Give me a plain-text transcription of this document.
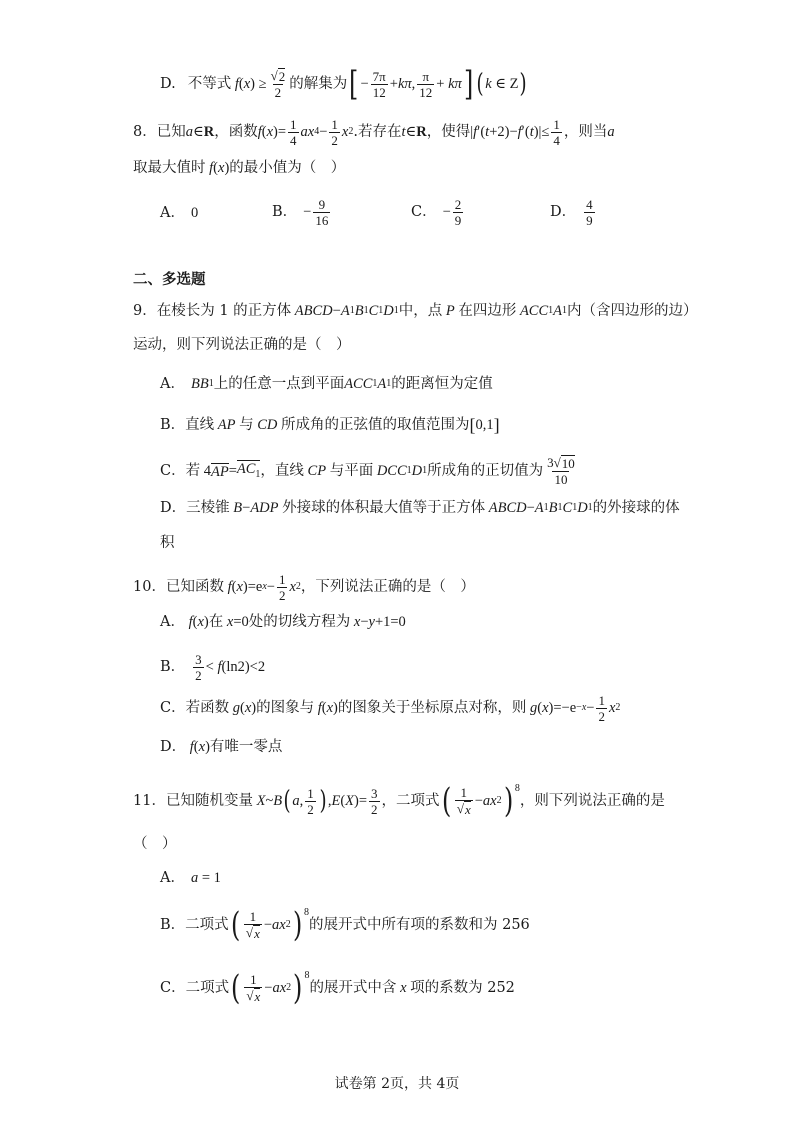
D. 不等式 f ( x ) ≥ $\frac{√ 2}{2}$ 的解集为 [ − $\frac{7\pi}{12} + k\pi$ , $\frac{\pi}{12} + k\pi$ ] ( k ∈ Z )
8． 已知 a ∈ R ，函数 f ( x ) = $\frac{1}{4}$ ax $4 - \frac{1}{2}$ x 2 .若存在 t ∈ R ，使得 | f ′( t +2)− f ′( t )|≤ $\frac{1}{4}$ ，则当 a
取最大值时 f ( x ) 的最小值为（　）
A． 0	B． − $\frac{9}{16}$	C． − $\frac{2}{9}$	D． $\frac{4}{9}$
二、多选题
9．在棱长为 1 的正方体 ABCD − A 1 B 1 C 1 D 1 中，点 P 在四边形 ACC 1 A 1 内（含四边形的边）
运动，则下列说法正确的是（　）
A． BB 1 上的任意一点到平面 ACC 1 A 1 的距离恒为定值
B．直线 AP 与 CD 所成角的正弦值的取值范围为 [ 0,1 ]
C．若 4 AP = $AC_1$ ，直线 CP 与平面 DCC 1 D 1 所成角的正切值为 $\frac{3 √ 10}{10}$
D．三棱锥 B − ADP 外接球的体积最大值等于正方体 ABCD − A 1 B 1 C 1 D 1 的外接球的体
积
10．已知函数 f ( x )=e $x - \frac{1}{2}$ x 2 ，下列说法正确的是（　）
A． f ( x ) 在 x =0 处的切线方程为 x − y +1=0
B． $\frac{3}{2} < f$ (ln2)<2
C．若函数 g ( x ) 的图象与 f ( x ) 的图象关于坐标原点对称，则 g ( x )$=-e -x - \frac{1}{2}$ x 2
D． f ( x ) 有唯一零点
11．已知随机变量 X ~ B ( a , $\frac{1}{2}$ ) , E ( X )= $\frac{3}{2}$ ，二项式 ( $\frac{1}{√ x}$ − ax 2 )$^8$
，则下列说法正确的是
（　）
A． a = 1
B．二项式 ( $\frac{1}{√ x}$ − ax 2 )$^8$
的展开式中所有项的系数和为 256
C．二项式 ( $\frac{1}{√ x}$ − ax 2 )$^8$
的展开式中含 x 项的系数为 252
试卷第 2页，共 4页
